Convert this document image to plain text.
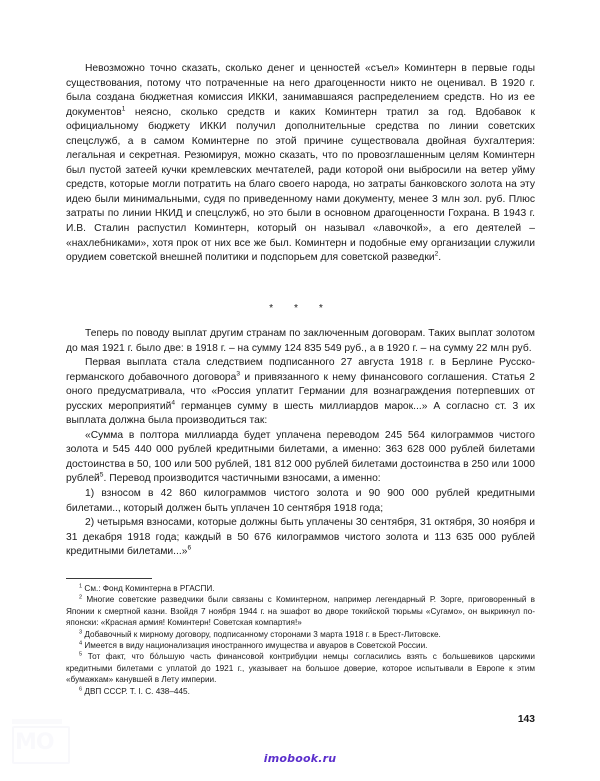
Невозможно точно сказать, сколько денег и ценностей «съел» Коминтерн в первые годы существования, потому что потраченные на него драгоценности никто не оценивал. В 1920 г. была создана бюджетная комиссия ИККИ, занимавшаяся распределением средств. Но из ее документов$^1$ неясно, сколько средств и каких Коминтерн тратил за год. Вдобавок к официальному бюджету ИККИ получил дополнительные средства по линии советских спецслужб, а в самом Коминтерне по этой причине существовала двойная бухгалтерия: легальная и секретная. Резюмируя, можно сказать, что по провозглашенным целям Коминтерн был пустой затеей кучки кремлевских мечтателей, ради которой они выбросили на ветер уйму средств, которые могли потратить на благо своего народа, но затраты банковского золота на эту идею были минимальными, судя по приведенному нами документу, менее 3 млн зол. руб. Плюс затраты по линии НКИД и спецслужб, но это были в основном драгоценности Гохрана. В 1943 г. И.В. Сталин распустил Коминтерн, который он называл «лавочкой», а его деятелей – «нахлебниками», хотя прок от них все же был. Коминтерн и подобные ему организации служили орудием советской внешней политики и подспорьем для советской разведки$^2$.

* * *

Теперь по поводу выплат другим странам по заключенным договорам. Таких выплат золотом до мая 1921 г. было две: в 1918 г. – на сумму 124 835 549 руб., а в 1920 г. – на сумму 22 млн руб.

Первая выплата стала следствием подписанного 27 августа 1918 г. в Берлине Русско-германского добавочного договора$^3$ и привязанного к нему финансового соглашения. Статья 2 оного предусматривала, что «Россия уплатит Германии для вознаграждения потерпевших от русских мероприятий$^4$ германцев сумму в шесть миллиардов марок...» А согласно ст. 3 их выплата должна была производиться так:

«Сумма в полтора миллиарда будет уплачена переводом 245 564 килограммов чистого золота и 545 440 000 рублей кредитными билетами, а именно: 363 628 000 рублей билетами достоинства в 50, 100 или 500 рублей, 181 812 000 рублей билетами достоинства в 250 или 1000 рублей$^5$. Перевод производится частичными взносами, а именно:

1) взносом в 42 860 килограммов чистого золота и 90 900 000 рублей кредитными билетами.., который должен быть уплачен 10 сентября 1918 года;

2) четырьмя взносами, которые должны быть уплачены 30 сентября, 31 октября, 30 ноября и 31 декабря 1918 года; каждый в 50 676 килограммов чистого золота и 113 635 000 рублей кредитными билетами...»$^6$

$^1$ См.: Фонд Коминтерна в РГАСПИ.

$^2$ Многие советские разведчики были связаны с Коминтерном, например легендарный Р. Зорге, приговоренный в Японии к смертной казни. Взойдя 7 ноября 1944 г. на эшафот во дворе токийской тюрьмы «Сугамо», он выкрикнул по-японски: «Красная армия! Коминтерн! Советская компартия!»

$^3$ Добавочный к мирному договору, подписанному сторонами 3 марта 1918 г. в Брест-Литовске.

$^4$ Имеется в виду национализация иностранного имущества и авуаров в Советской России.

$^5$ Тот факт, что бо́льшую часть финансовой контрибуции немцы согласились взять с большевиков царскими кредитными билетами с уплатой до 1921 г., указывает на большое доверие, которое испытывали в Европе к этим «бумажкам» канувшей в Лету империи.

$^6$ ДВП СССР. Т. I. С. 438–445.

143
MO
imobook.ru
